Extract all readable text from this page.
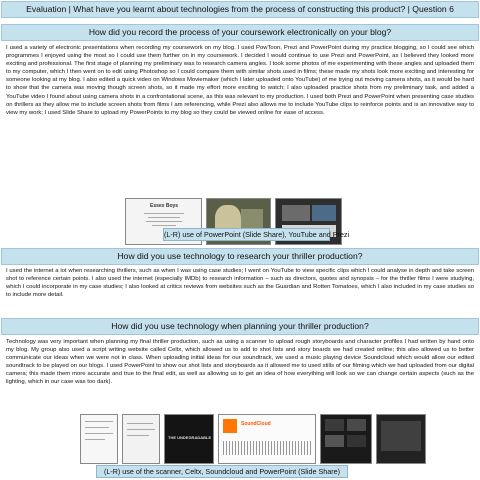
Evaluation | What have you learnt about technologies from the process of constructing this product? | Question 6
How did you record the process of your coursework electronically on your blog?

I used a variety of electronic presentations when recording my coursework on my blog. I used PowToon, Prezi and PowerPoint during my practice blogging, so I could see which programmes I enjoyed using the most so I could use them further on in my coursework. I decided I would continue to use Prezi and PowerPoint, as I believed they looked more exciting and professional. The first stage of planning my preliminary was to research camera angles. I took some photos of me experimenting with these angles and uploaded them to my computer, which I then went on to edit using Photoshop so I could compare them with similar shots used in films; these made my shots look more exciting and interesting for someone looking at my blog. I also edited a quick video on Windows Moviemaker (which I later uploaded onto YouTube) of me trying out moving camera shots, as it would be hard to show that the camera was moving though screen shots, so it made my effort more exciting to watch; I also uploaded practice shots from my preliminary task, and added a YouTube video I found about using camera shots in a confrontational scene, as this was relevant to my production. I used both Prezi and PowerPoint when presenting case studies on thrillers as they allow me to include screen shots from films I am referencing, while Prezi also allows me to include YouTube clips to reinforce points and is an innovative way to view my work; I used Slide Share to upload my PowerPoints to my blog so they could be viewed online for ease of access.

Essex Boys
(L-R) use of PowerPoint (Slide Share), YouTube and Prezi
How did you use technology to research your thriller production?

I used the internet a lot when researching thrillers, such as when I was using case studies; I went on YouTube to view specific clips which I could analyse in depth and take screen shot to reference certain points. I also used the internet (especially IMDb) to research information – such as directors, quotes and synopsis – for the thriller films I were studying, which I could incorporate in my case studies; I also looked at critics reviews from websites such as the Guardian and Rotten Tomatoes, which I also included in my case studies so to include more detail.

How did you use technology when planning your thriller production?

Technology was very important when planning my final thriller production, such as using a scanner to upload rough storyboards and character profiles I had written by hand onto my blog. My group also used a script writing website called Celtx, which allowed us to add to shot lists and story boards we had created online; this also allowed us to better communicate our ideas when we were not in class. When uploading initial ideas for our soundtrack, we used a music playing device Soundcloud which would allow our edited soundtrack to be played on our blogs. I used PowerPoint to show our shot lists and storyboards as it allowed me to used stills of our filming which we had uploaded from our digital camera; this made them more accurate and true to the final edit, as well as allowing us to get an idea of how everything will look so we can change certain aspects (such as the lighting, which in our case was too dark).

THE UNDEGRADABLE
SoundCloud
(L-R) use of the scanner, Celtx, Soundcloud and PowerPoint (Slide Share)
